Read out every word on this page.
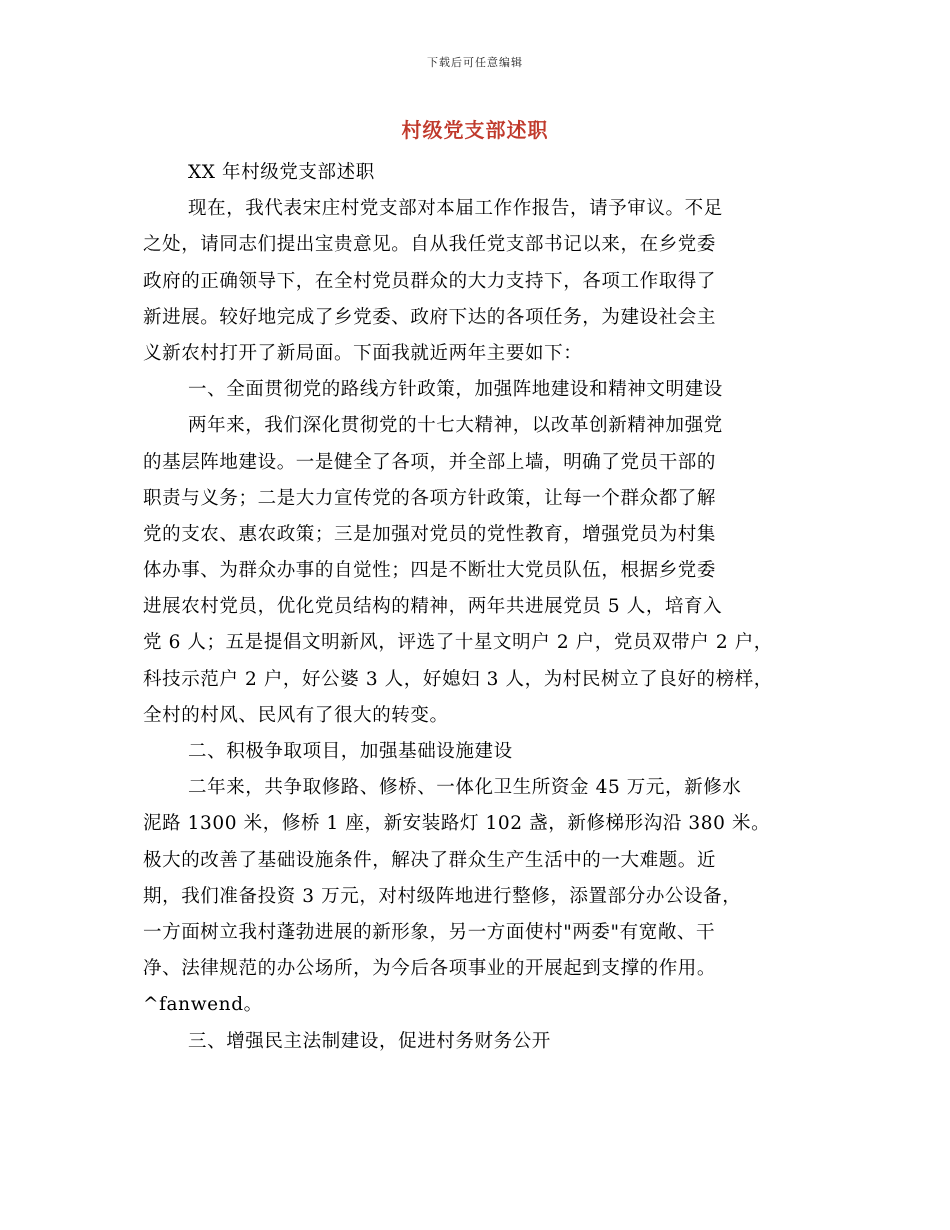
下载后可任意编辑
村级党支部述职
XX 年村级党支部述职
现在，我代表宋庄村党支部对本届工作作报告，请予审议。不足
之处，请同志们提出宝贵意见。自从我任党支部书记以来，在乡党委
政府的正确领导下，在全村党员群众的大力支持下，各项工作取得了
新进展。较好地完成了乡党委、政府下达的各项任务，为建设社会主
义新农村打开了新局面。下面我就近两年主要如下：
一、全面贯彻党的路线方针政策，加强阵地建设和精神文明建设
两年来，我们深化贯彻党的十七大精神，以改革创新精神加强党
的基层阵地建设。一是健全了各项，并全部上墙，明确了党员干部的
职责与义务；二是大力宣传党的各项方针政策，让每一个群众都了解
党的支农、惠农政策；三是加强对党员的党性教育，增强党员为村集
体办事、为群众办事的自觉性；四是不断壮大党员队伍，根据乡党委
进展农村党员，优化党员结构的精神，两年共进展党员 5 人，培育入
党 6 人；五是提倡文明新风，评选了十星文明户 2 户，党员双带户 2 户，
科技示范户 2 户，好公婆 3 人，好媳妇 3 人，为村民树立了良好的榜样，
全村的村风、民风有了很大的转变。
二、积极争取项目，加强基础设施建设
二年来，共争取修路、修桥、一体化卫生所资金 45 万元，新修水
泥路 1300 米，修桥 1 座，新安装路灯 102 盏，新修梯形沟沿 380 米。
极大的改善了基础设施条件，解决了群众生产生活中的一大难题。近
期，我们准备投资 3 万元，对村级阵地进行整修，添置部分办公设备，
一方面树立我村蓬勃进展的新形象，另一方面使村"两委"有宽敞、干
净、法律规范的办公场所，为今后各项事业的开展起到支撑的作用。
^fanwend。
三、增强民主法制建设，促进村务财务公开
